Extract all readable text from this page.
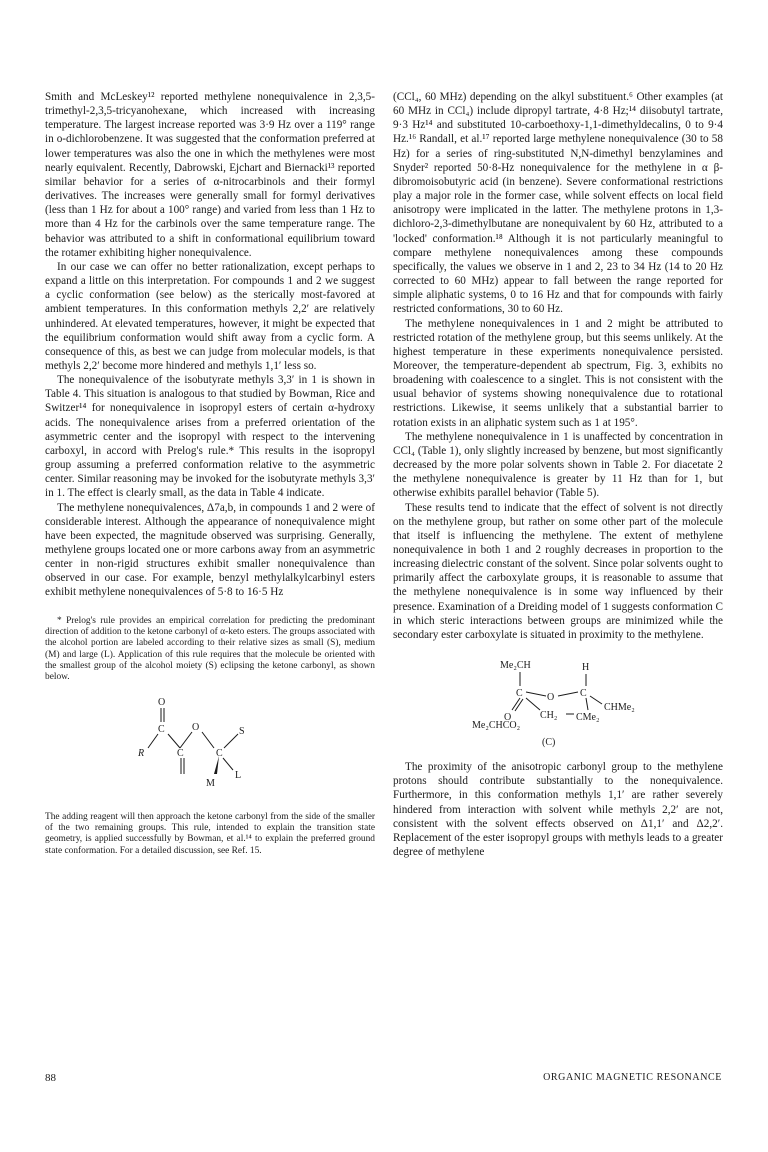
Smith and McLeskey¹² reported methylene nonequivalence in 2,3,5-trimethyl-2,3,5-tricyanohexane, which increased with increasing temperature. The largest increase reported was 3·9 Hz over a 119° range in o-dichlorobenzene. It was suggested that the conformation preferred at lower temperatures was also the one in which the methylenes were most nearly equivalent. Recently, Dabrowski, Ejchart and Biernacki¹³ reported similar behavior for a series of α-nitrocarbinols and their formyl derivatives. The increases were generally small for formyl derivatives (less than 1 Hz for about a 100° range) and varied from less than 1 Hz to more than 4 Hz for the carbinols over the same temperature range. The behavior was attributed to a shift in conformational equilibrium toward the rotamer exhibiting higher nonequivalence.

In our case we can offer no better rationalization, except perhaps to expand a little on this interpretation. For compounds 1 and 2 we suggest a cyclic conformation (see below) as the sterically most-favored at ambient temperatures. In this conformation methyls 2,2′ are relatively unhindered. At elevated temperatures, however, it might be expected that the equilibrium conformation would shift away from a cyclic form. A consequence of this, as best we can judge from molecular models, is that methyls 2,2′ become more hindered and methyls 1,1′ less so.

The nonequivalence of the isobutyrate methyls 3,3′ in 1 is shown in Table 4. This situation is analogous to that studied by Bowman, Rice and Switzer¹⁴ for nonequivalence in isopropyl esters of certain α-hydroxy acids. The nonequivalence arises from a preferred orientation of the asymmetric center and the isopropyl with respect to the intervening carboxyl, in accord with Prelog's rule.* This results in the isopropyl group assuming a preferred conformation relative to the asymmetric center. Similar reasoning may be invoked for the isobutyrate methyls 3,3′ in 1. The effect is clearly small, as the data in Table 4 indicate.

The methylene nonequivalences, Δ7a,b, in compounds 1 and 2 were of considerable interest. Although the appearance of nonequivalence might have been expected, the magnitude observed was surprising. Generally, methylene groups located one or more carbons away from an asymmetric center in non-rigid structures exhibit smaller nonequivalence than observed in our case. For example, benzyl methylalkylcarbinyl esters exhibit methylene nonequivalences of 5·8 to 16·5 Hz

* Prelog's rule provides an empirical correlation for predicting the predominant direction of addition to the ketone carbonyl of α-keto esters. The groups associated with the alcohol portion are labeled according to their relative sizes as small (S), medium (M) and large (L). Application of this rule requires that the molecule be oriented with the smallest group of the alcohol moiety (S) eclipsing the ketone carbonyl, as shown below.

O
C
R	C
O
C
S
M
L

The adding reagent will then approach the ketone carbonyl from the side of the smaller of the two remaining groups. This rule, intended to explain the transition state geometry, is applied successfully by Bowman, et al.¹⁴ to explain the preferred ground state conformation. For a detailed discussion, see Ref. 15.

(CCl₄, 60 MHz) depending on the alkyl substituent.⁶ Other examples (at 60 MHz in CCl₄) include dipropyl tartrate, 4·8 Hz;¹⁴ diisobutyl tartrate, 9·3 Hz¹⁴ and substituted 10-carboethoxy-1,1-dimethyldecalins, 0 to 9·4 Hz.¹⁶ Randall, et al.¹⁷ reported large methylene nonequivalence (30 to 58 Hz) for a series of ring-substituted N,N-dimethyl benzylamines and Snyder² reported 50·8-Hz nonequivalence for the methylene in α β-dibromoisobutyric acid (in benzene). Severe conformational restrictions play a major role in the former case, while solvent effects on local field anisotropy were implicated in the latter. The methylene protons in 1,3-dichloro-2,3-dimethylbutane are nonequivalent by 60 Hz, attributed to a 'locked' conformation.¹⁸ Although it is not particularly meaningful to compare methylene nonequivalences among these compounds specifically, the values we observe in 1 and 2, 23 to 34 Hz (14 to 20 Hz corrected to 60 MHz) appear to fall between the range reported for simple aliphatic systems, 0 to 16 Hz and that for compounds with fairly restricted conformations, 30 to 60 Hz.

The methylene nonequivalences in 1 and 2 might be attributed to restricted rotation of the methylene group, but this seems unlikely. At the highest temperature in these experiments nonequivalence persisted. Moreover, the temperature-dependent ab spectrum, Fig. 3, exhibits no broadening with coalescence to a singlet. This is not consistent with the usual behavior of systems showing nonequivalence due to rotational restrictions. Likewise, it seems unlikely that a substantial barrier to rotation exists in an aliphatic system such as 1 at 195°.

The methylene nonequivalence in 1 is unaffected by concentration in CCl₄ (Table 1), only slightly increased by benzene, but most significantly decreased by the more polar solvents shown in Table 2. For diacetate 2 the methylene nonequivalence is greater by 11 Hz than for 1, but otherwise exhibits parallel behavior (Table 5).

These results tend to indicate that the effect of solvent is not directly on the methylene group, but rather on some other part of the molecule that itself is influencing the methylene. The extent of methylene nonequivalence in both 1 and 2 roughly decreases in proportion to the increasing dielectric constant of the solvent. Since polar solvents ought to primarily affect the carboxylate groups, it is reasonable to assume that the methylene nonequivalence is in some way influenced by their presence. Examination of a Dreiding model of 1 suggests conformation C in which steric interactions between groups are minimized while the secondary ester carboxylate is situated in proximity to the methylene.

Me₂CH	H
C O	C
CHMe₂
O	CH₂ CMe₂
Me₂CHCO₂
(C)

The proximity of the anisotropic carbonyl group to the methylene protons should contribute substantially to the nonequivalence. Furthermore, in this conformation methyls 1,1′ are rather severely hindered from interaction with solvent while methyls 2,2′ are not, consistent with the solvent effects observed on Δ1,1′ and Δ2,2′. Replacement of the ester isopropyl groups with methyls leads to a greater degree of methylene

88	ORGANIC MAGNETIC RESONANCE
